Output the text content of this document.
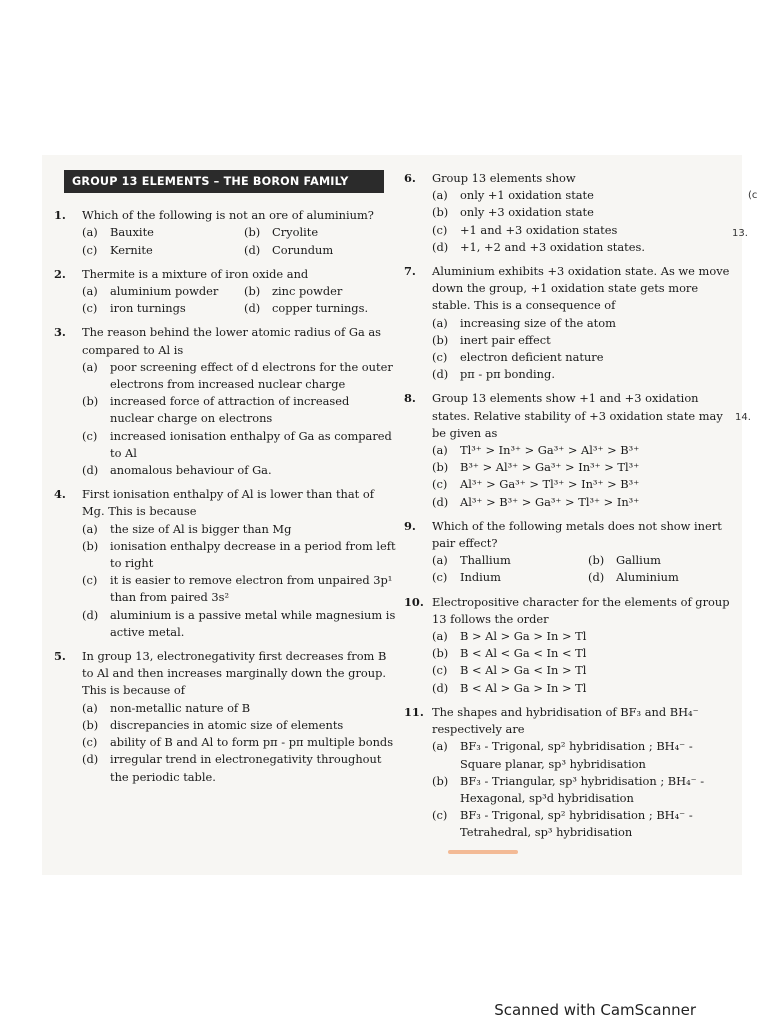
GROUP 13 ELEMENTS – THE BORON FAMILY
1. Which of the following is not an ore of aluminium?
(a) Bauxite	(b) Cryolite
(c) Kernite	(d) Corundum
2. Thermite is a mixture of iron oxide and
(a) aluminium powder	(b) zinc powder
(c) iron turnings	(d) copper turnings.
3. The reason behind the lower atomic radius of Ga as compared to Al is
(a) poor screening effect of d electrons for the outer electrons from increased nuclear charge
(b) increased force of attraction of increased nuclear charge on electrons
(c) increased ionisation enthalpy of Ga as compared to Al
(d) anomalous behaviour of Ga.
4. First ionisation enthalpy of Al is lower than that of Mg. This is because
(a) the size of Al is bigger than Mg
(b) ionisation enthalpy decrease in a period from left to right
(c) it is easier to remove electron from unpaired 3p¹ than from paired 3s²
(d) aluminium is a passive metal while magnesium is active metal.
5. In group 13, electronegativity first decreases from B to Al and then increases marginally down the group. This is because of
(a) non-metallic nature of B
(b) discrepancies in atomic size of elements
(c) ability of B and Al to form pπ - pπ multiple bonds
(d) irregular trend in electronegativity throughout the periodic table.
6. Group 13 elements show
(a) only +1 oxidation state
(b) only +3 oxidation state
(c) +1 and +3 oxidation states
(d) +1, +2 and +3 oxidation states.
7. Aluminium exhibits +3 oxidation state. As we move down the group, +1 oxidation state gets more stable. This is a consequence of
(a) increasing size of the atom
(b) inert pair effect
(c) electron deficient nature
(d) pπ - pπ bonding.
8. Group 13 elements show +1 and +3 oxidation states. Relative stability of +3 oxidation state may be given as
(a) Tl³⁺ > In³⁺ > Ga³⁺ > Al³⁺ > B³⁺
(b) B³⁺ > Al³⁺ > Ga³⁺ > In³⁺ > Tl³⁺
(c) Al³⁺ > Ga³⁺ > Tl³⁺ > In³⁺ > B³⁺
(d) Al³⁺ > B³⁺ > Ga³⁺ > Tl³⁺ > In³⁺
9. Which of the following metals does not show inert pair effect?
(a) Thallium	(b) Gallium
(c) Indium	(d) Aluminium
10. Electropositive character for the elements of group 13 follows the order
(a) B > Al > Ga > In > Tl
(b) B < Al < Ga < In < Tl
(c) B < Al > Ga < In > Tl
(d) B < Al > Ga > In > Tl
11. The shapes and hybridisation of BF₃ and BH₄⁻ respectively are
(a) BF₃ - Trigonal, sp² hybridisation ; BH₄⁻ - Square planar, sp³ hybridisation
(b) BF₃ - Triangular, sp³ hybridisation ; BH₄⁻ - Hexagonal, sp³d hybridisation
(c) BF₃ - Trigonal, sp² hybridisation ; BH₄⁻ - Tetrahedral, sp³ hybridisation
(c
13.
14.
Scanned with CamScanner
